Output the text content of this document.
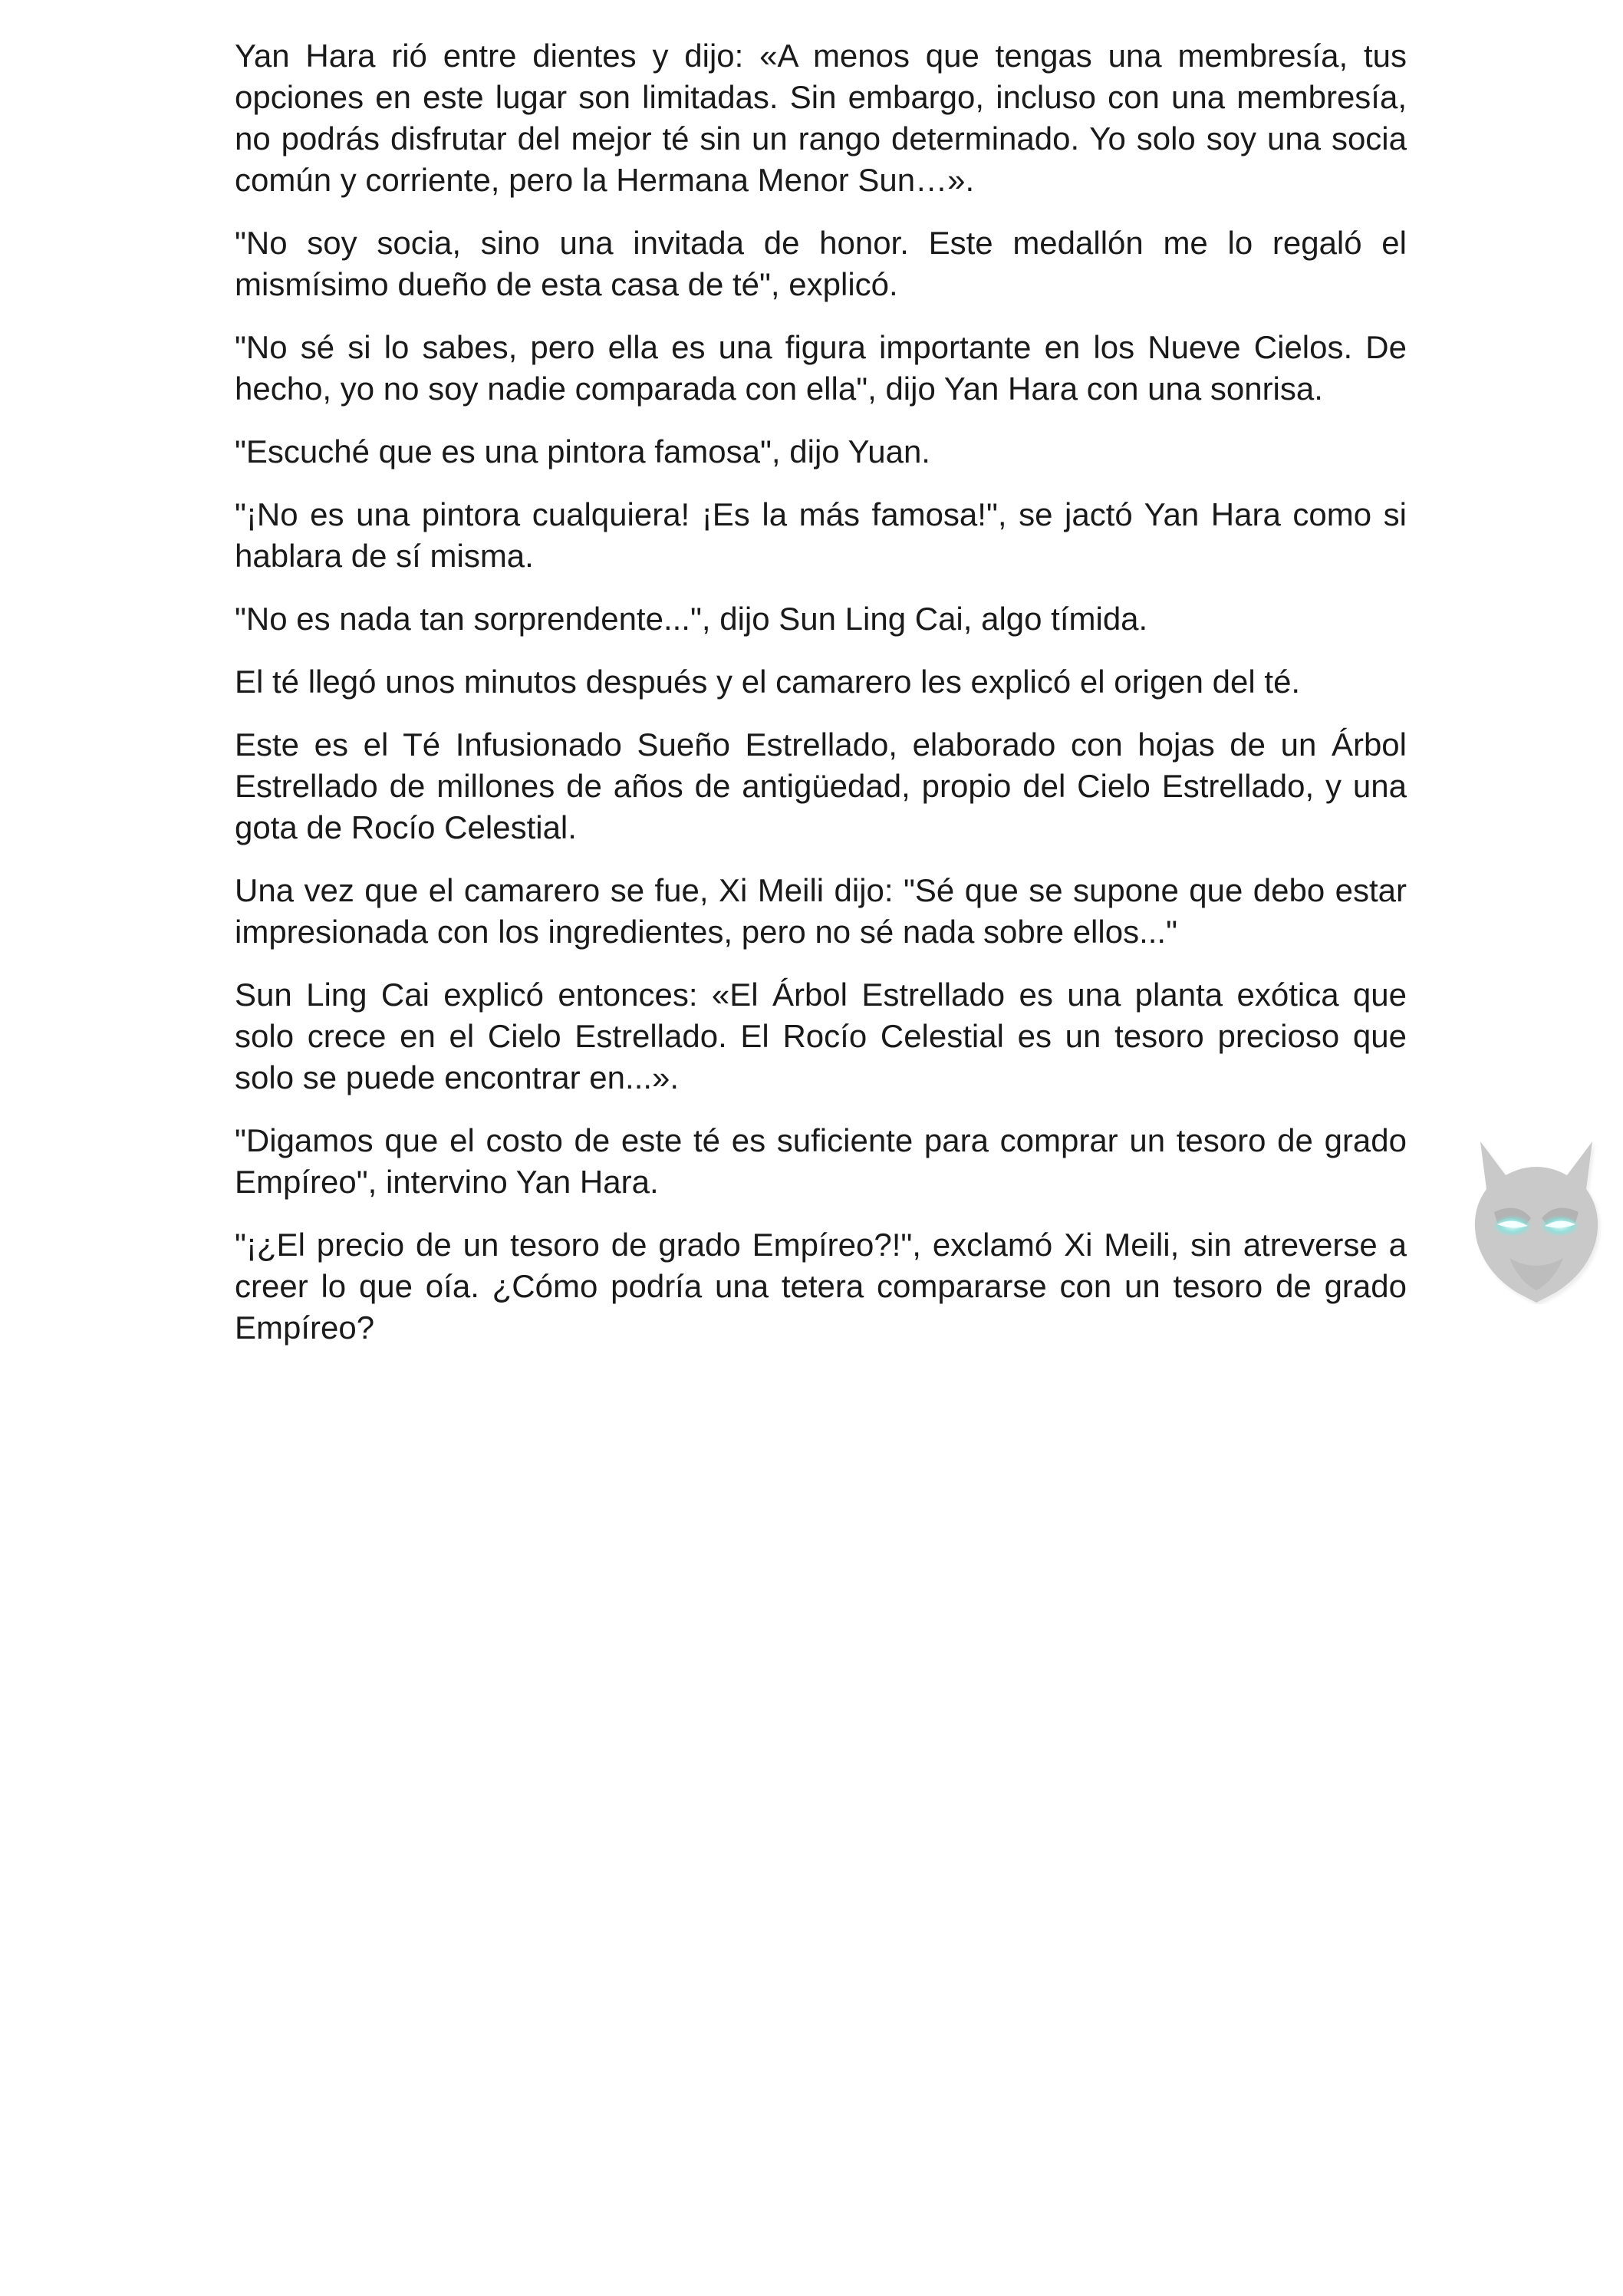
Yan Hara rió entre dientes y dijo: «A menos que tengas una membresía, tus opciones en este lugar son limitadas. Sin embargo, incluso con una membresía, no podrás disfrutar del mejor té sin un rango determinado. Yo solo soy una socia común y corriente, pero la Hermana Menor Sun…».

"No soy socia, sino una invitada de honor. Este medallón me lo regaló el mismísimo dueño de esta casa de té", explicó.

"No sé si lo sabes, pero ella es una figura importante en los Nueve Cielos. De hecho, yo no soy nadie comparada con ella", dijo Yan Hara con una sonrisa.

"Escuché que es una pintora famosa", dijo Yuan.

"¡No es una pintora cualquiera! ¡Es la más famosa!", se jactó Yan Hara como si hablara de sí misma.

"No es nada tan sorprendente...", dijo Sun Ling Cai, algo tímida.

El té llegó unos minutos después y el camarero les explicó el origen del té.

Este es el Té Infusionado Sueño Estrellado, elaborado con hojas de un Árbol Estrellado de millones de años de antigüedad, propio del Cielo Estrellado, y una gota de Rocío Celestial.

Una vez que el camarero se fue, Xi Meili dijo: "Sé que se supone que debo estar impresionada con los ingredientes, pero no sé nada sobre ellos..."

Sun Ling Cai explicó entonces: «El Árbol Estrellado es una planta exótica que solo crece en el Cielo Estrellado. El Rocío Celestial es un tesoro precioso que solo se puede encontrar en...».

"Digamos que el costo de este té es suficiente para comprar un tesoro de grado Empíreo", intervino Yan Hara.

"¡¿El precio de un tesoro de grado Empíreo?!", exclamó Xi Meili, sin atreverse a creer lo que oía. ¿Cómo podría una tetera compararse con un tesoro de grado Empíreo?
